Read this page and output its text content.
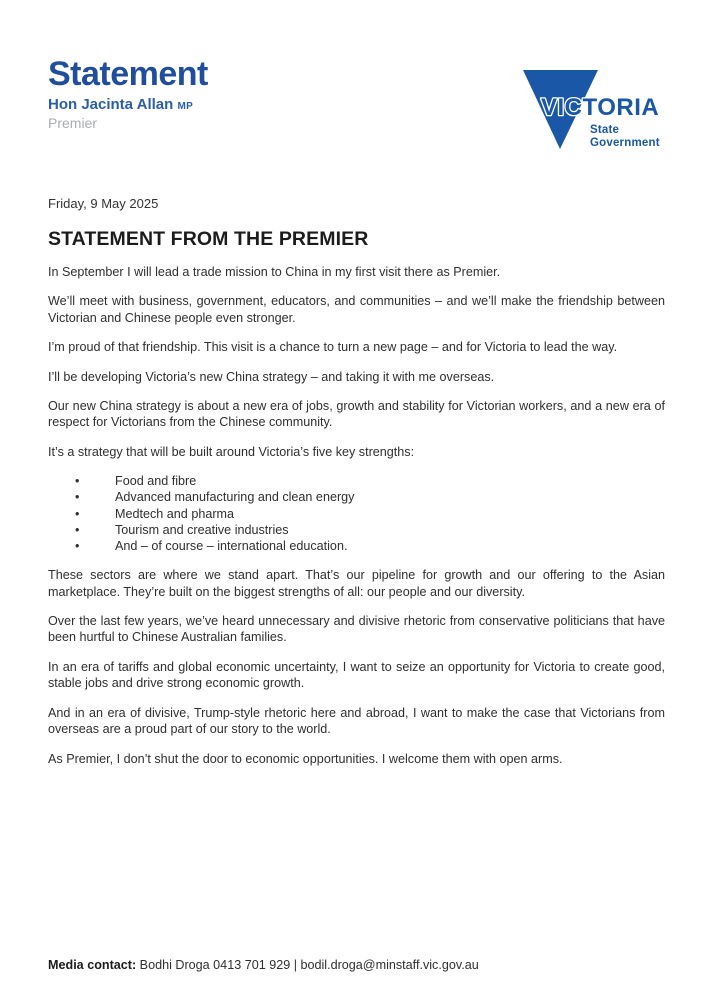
Statement
Hon Jacinta Allan MP
Premier
VICTORIA
State
Government
Friday, 9 May 2025
STATEMENT FROM THE PREMIER

In September I will lead a trade mission to China in my first visit there as Premier.

We’ll meet with business, government, educators, and communities – and we’ll make the friendship between Victorian and Chinese people even stronger.

I’m proud of that friendship. This visit is a chance to turn a new page – and for Victoria to lead the way.

I’ll be developing Victoria’s new China strategy – and taking it with me overseas.

Our new China strategy is about a new era of jobs, growth and stability for Victorian workers, and a new era of respect for Victorians from the Chinese community.

It’s a strategy that will be built around Victoria’s five key strengths:

•	Food and fibre
•	Advanced manufacturing and clean energy
•	Medtech and pharma
•	Tourism and creative industries
•	And – of course – international education.

These sectors are where we stand apart. That’s our pipeline for growth and our offering to the Asian marketplace. They’re built on the biggest strengths of all: our people and our diversity.

Over the last few years, we’ve heard unnecessary and divisive rhetoric from conservative politicians that have been hurtful to Chinese Australian families.

In an era of tariffs and global economic uncertainty, I want to seize an opportunity for Victoria to create good, stable jobs and drive strong economic growth.

And in an era of divisive, Trump-style rhetoric here and abroad, I want to make the case that Victorians from overseas are a proud part of our story to the world.

As Premier, I don’t shut the door to economic opportunities. I welcome them with open arms.

Media contact: Bodhi Droga 0413 701 929 | bodil.droga@minstaff.vic.gov.au
